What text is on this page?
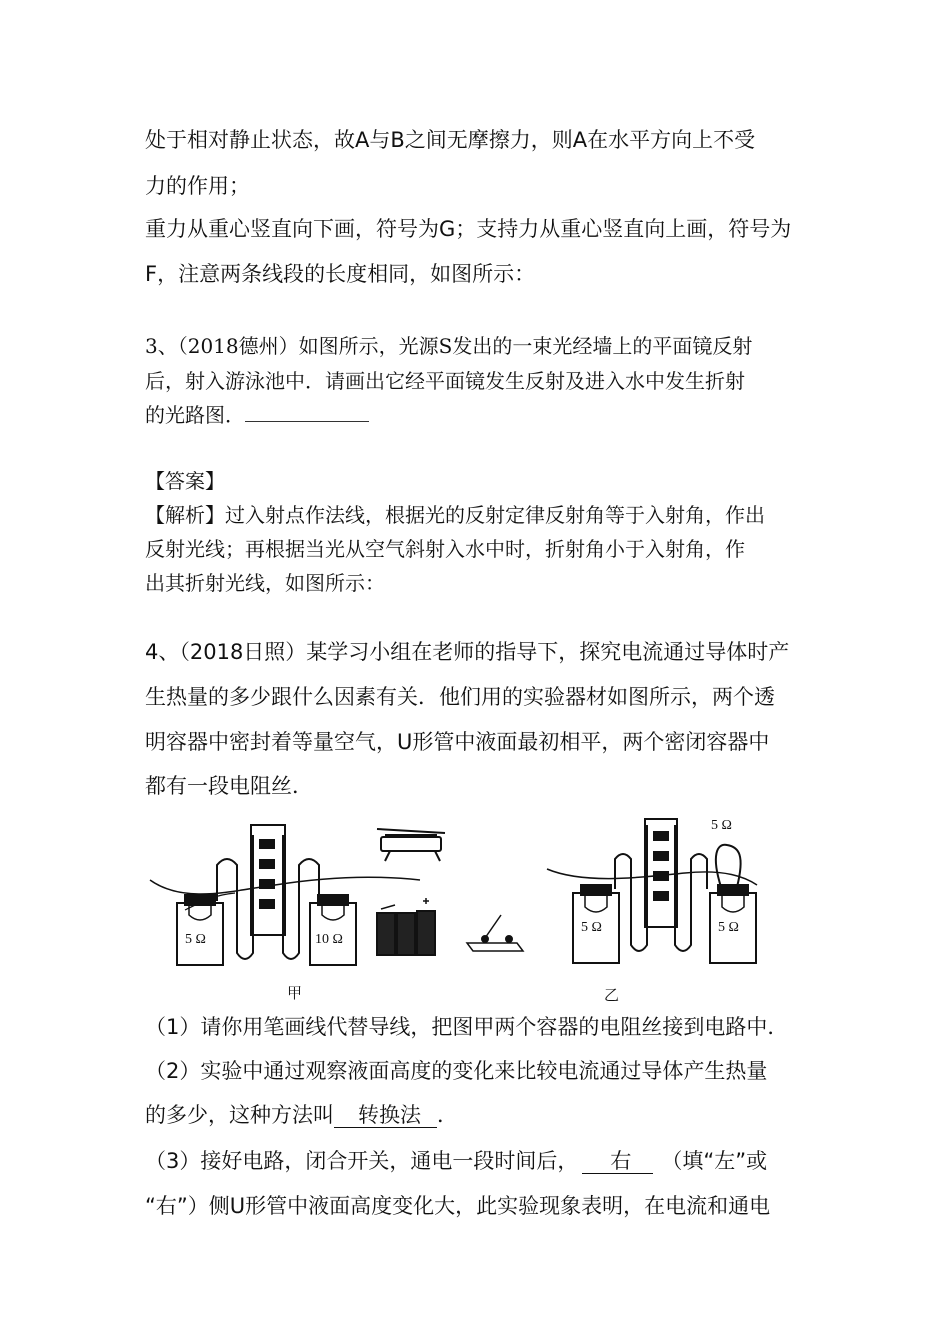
处于相对静止状态，故A与B之间无摩擦力，则A在水平方向上不受
力的作用；
重力从重心竖直向下画，符号为G；支持力从重心竖直向上画，符号为
F，注意两条线段的长度相同，如图所示：
3、（2018德州）如图所示，光源S发出的一束光经墙上的平面镜反射
后，射入游泳池中．请画出它经平面镜发生反射及进入水中发生折射
的光路图．
【答案】
【解析】过入射点作法线，根据光的反射定律反射角等于入射角，作出
反射光线；再根据当光从空气斜射入水中时，折射角小于入射角，作
出其折射光线，如图所示：
4、（2018日照）某学习小组在老师的指导下，探究电流通过导体时产
生热量的多少跟什么因素有关．他们用的实验器材如图所示，两个透
明容器中密封着等量空气，U形管中液面最初相平，两个密闭容器中
都有一段电阻丝．
5 Ω	10 Ω
5 Ω	5 Ω
5 Ω
甲	乙
（1）请你用笔画线代替导线，把图甲两个容器的电阻丝接到电路中．
（2）实验中通过观察液面高度的变化来比较电流通过导体产生热量
的多少，这种方法叫 转换法 ．
（3）接好电路，闭合开关，通电一段时间后， 右 （填“左”或
“右”）侧U形管中液面高度变化大，此实验现象表明，在电流和通电
